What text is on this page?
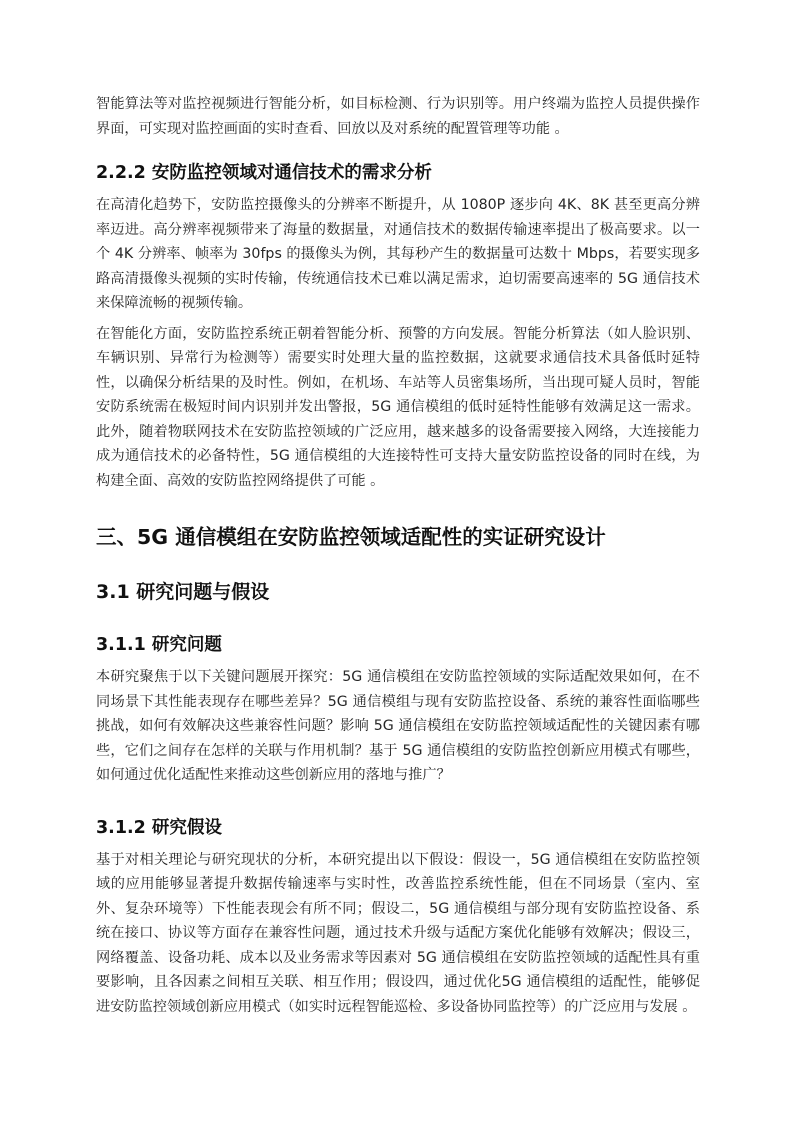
智能算法等对监控视频进行智能分析，如目标检测、行为识别等。用户终端为监控人员提供操作界面，可实现对监控画面的实时查看、回放以及对系统的配置管理等功能 。

2.2.2 安防监控领域对通信技术的需求分析

在高清化趋势下，安防监控摄像头的分辨率不断提升，从 1080P 逐步向 4K、8K 甚至更高分辨率迈进。高分辨率视频带来了海量的数据量，对通信技术的数据传输速率提出了极高要求。以一个 4K 分辨率、帧率为 30fps 的摄像头为例，其每秒产生的数据量可达数十 Mbps，若要实现多路高清摄像头视频的实时传输，传统通信技术已难以满足需求，迫切需要高速率的 5G 通信技术来保障流畅的视频传输。

在智能化方面，安防监控系统正朝着智能分析、预警的方向发展。智能分析算法（如人脸识别、车辆识别、异常行为检测等）需要实时处理大量的监控数据，这就要求通信技术具备低时延特性，以确保分析结果的及时性。例如，在机场、车站等人员密集场所，当出现可疑人员时，智能安防系统需在极短时间内识别并发出警报，5G 通信模组的低时延特性能够有效满足这一需求。此外，随着物联网技术在安防监控领域的广泛应用，越来越多的设备需要接入网络，大连接能力成为通信技术的必备特性，5G 通信模组的大连接特性可支持大量安防监控设备的同时在线，为构建全面、高效的安防监控网络提供了可能 。

三、5G 通信模组在安防监控领域适配性的实证研究设计
3.1 研究问题与假设
3.1.1 研究问题

本研究聚焦于以下关键问题展开探究：5G 通信模组在安防监控领域的实际适配效果如何，在不同场景下其性能表现存在哪些差异？5G 通信模组与现有安防监控设备、系统的兼容性面临哪些挑战，如何有效解决这些兼容性问题？影响 5G 通信模组在安防监控领域适配性的关键因素有哪些，它们之间存在怎样的关联与作用机制？基于 5G 通信模组的安防监控创新应用模式有哪些，如何通过优化适配性来推动这些创新应用的落地与推广？

3.1.2 研究假设

基于对相关理论与研究现状的分析，本研究提出以下假设：假设一，5G 通信模组在安防监控领域的应用能够显著提升数据传输速率与实时性，改善监控系统性能，但在不同场景（室内、室外、复杂环境等）下性能表现会有所不同；假设二，5G 通信模组与部分现有安防监控设备、系统在接口、协议等方面存在兼容性问题，通过技术升级与适配方案优化能够有效解决；假设三，网络覆盖、设备功耗、成本以及业务需求等因素对 5G 通信模组在安防监控领域的适配性具有重要影响，且各因素之间相互关联、相互作用；假设四，通过优化5G 通信模组的适配性，能够促进安防监控领域创新应用模式（如实时远程智能巡检、多设备协同监控等）的广泛应用与发展 。
